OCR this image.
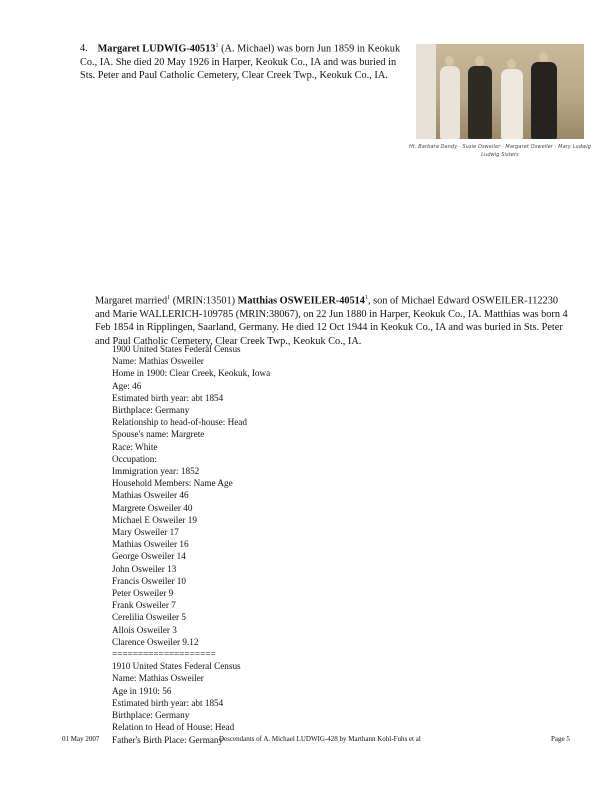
4. Margaret LUDWIG-40513$^1$ (A. Michael) was born Jun 1859 in Keokuk Co., IA. She died 20 May 1926 in Harper, Keokuk Co., IA and was buried in Sts. Peter and Paul Catholic Cemetery, Clear Creek Twp., Keokuk Co., IA.
Ht. Barbara Dandy · Susie Osweiler · Margaret Osweiler · Mary Ludwig
Ludwig Sisters
Margaret married$^1$ (MRIN:13501) Matthias OSWEILER-40514$^1$, son of Michael Edward OSWEILER-112230 and Marie WALLERICH-109785 (MRIN:38067), on 22 Jun 1880 in Harper, Keokuk Co., IA. Matthias was born 4 Feb 1854 in Ripplingen, Saarland, Germany. He died 12 Oct 1944 in Keokuk Co., IA and was buried in Sts. Peter and Paul Catholic Cemetery, Clear Creek Twp., Keokuk Co., IA.
1900 United States Federal Census
Name: Mathias Osweiler
Home in 1900: Clear Creek, Keokuk, Iowa
Age: 46
Estimated birth year: abt 1854
Birthplace: Germany
Relationship to head-of-house: Head
Spouse's name: Margrete
Race: White
Occupation:
Immigration year: 1852
Household Members: Name Age
Mathias Osweiler 46
Margrete Osweiler 40
Michael E Osweiler 19
Mary Osweiler 17
Mathias Osweiler 16
George Osweiler 14
John Osweiler 13
Francis Osweiler 10
Peter Osweiler 9
Frank Osweiler 7
Cerelilia Osweiler 5
Allois Osweiler 3
Clarence Osweiler 9.12
====================
1910 United States Federal Census
Name: Mathias Osweiler
Age in 1910: 56
Estimated birth year: abt 1854
Birthplace: Germany
Relation to Head of House: Head
Father's Birth Place: Germany
01 May 2007	Descendants of A. Michael LUDWIG-428 by Marthann Kohl-Fuhs et al	Page 5
